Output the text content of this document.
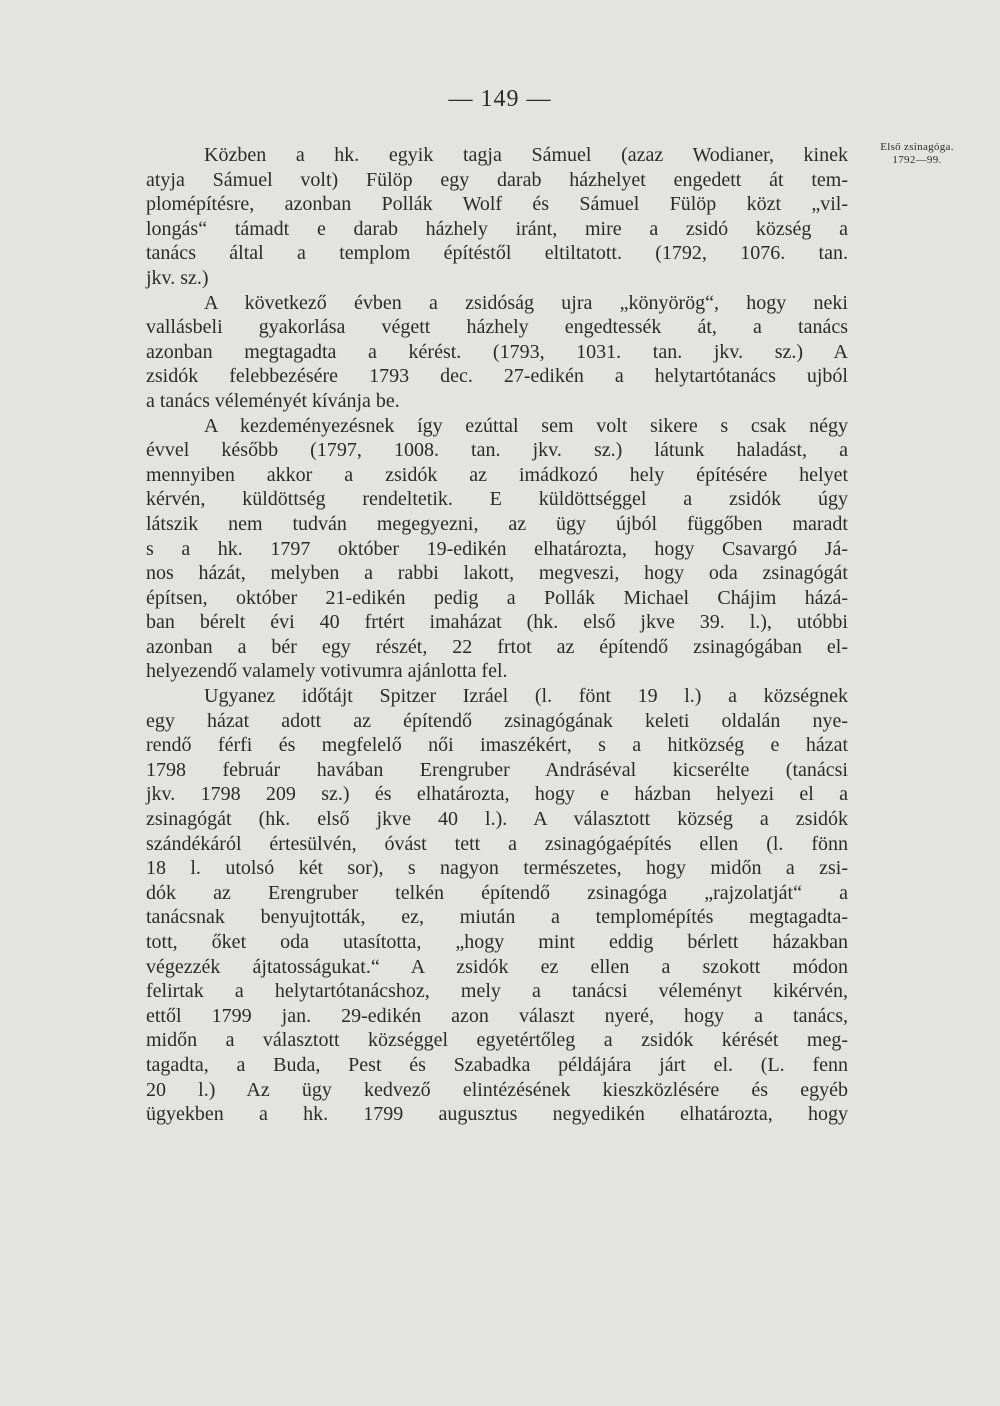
— 149 —
Első zsinagóga.
1792—99.
Közben a hk. egyik tagja Sámuel (azaz Wodianer, kinek
atyja Sámuel volt) Fülöp egy darab házhelyet engedett át tem-
plomépítésre, azonban Pollák Wolf és Sámuel Fülöp közt „vil-
longás“ támadt e darab házhely iránt, mire a zsidó község a
tanács által a templom építéstől eltiltatott. (1792, 1076. tan.
jkv. sz.)
A következő évben a zsidóság ujra „könyörög“, hogy neki
vallásbeli gyakorlása végett házhely engedtessék át, a tanács
azonban megtagadta a kérést. (1793, 1031. tan. jkv. sz.) A
zsidók felebbezésére 1793 dec. 27-edikén a helytartótanács ujból
a tanács véleményét kívánja be.
A kezdeményezésnek így ezúttal sem volt sikere s csak négy
évvel később (1797, 1008. tan. jkv. sz.) látunk haladást, a
mennyiben akkor a zsidók az imádkozó hely építésére helyet
kérvén, küldöttség rendeltetik. E küldöttséggel a zsidók úgy
látszik nem tudván megegyezni, az ügy újból függőben maradt
s a hk. 1797 október 19-edikén elhatározta, hogy Csavargó Já-
nos házát, melyben a rabbi lakott, megveszi, hogy oda zsinagógát
építsen, október 21-edikén pedig a Pollák Michael Chájim házá-
ban bérelt évi 40 frtért imaházat (hk. első jkve 39. l.), utóbbi
azonban a bér egy részét, 22 frtot az építendő zsinagógában el-
helyezendő valamely votivumra ajánlotta fel.
Ugyanez időtájt Spitzer Izráel (l. fönt 19 l.) a községnek
egy házat adott az építendő zsinagógának keleti oldalán nye-
rendő férfi és megfelelő női imaszékért, s a hitközség e házat
1798 február havában Erengruber Andráséval kicserélte (tanácsi
jkv. 1798 209 sz.) és elhatározta, hogy e házban helyezi el a
zsinagógát (hk. első jkve 40 l.). A választott község a zsidók
szándékáról értesülvén, óvást tett a zsinagógaépítés ellen (l. fönn
18 l. utolsó két sor), s nagyon természetes, hogy midőn a zsi-
dók az Erengruber telkén építendő zsinagóga „rajzolatját“ a
tanácsnak benyujtották, ez, miután a templomépítés megtagadta-
tott, őket oda utasította, „hogy mint eddig bérlett házakban
végezzék ájtatosságukat.“ A zsidók ez ellen a szokott módon
felirtak a helytartótanácshoz, mely a tanácsi véleményt kikérvén,
ettől 1799 jan. 29-edikén azon választ nyeré, hogy a tanács,
midőn a választott községgel egyetértőleg a zsidók kérését meg-
tagadta, a Buda, Pest és Szabadka példájára járt el. (L. fenn
20 l.) Az ügy kedvező elintézésének kieszközlésére és egyéb
ügyekben a hk. 1799 augusztus negyedikén elhatározta, hogy
